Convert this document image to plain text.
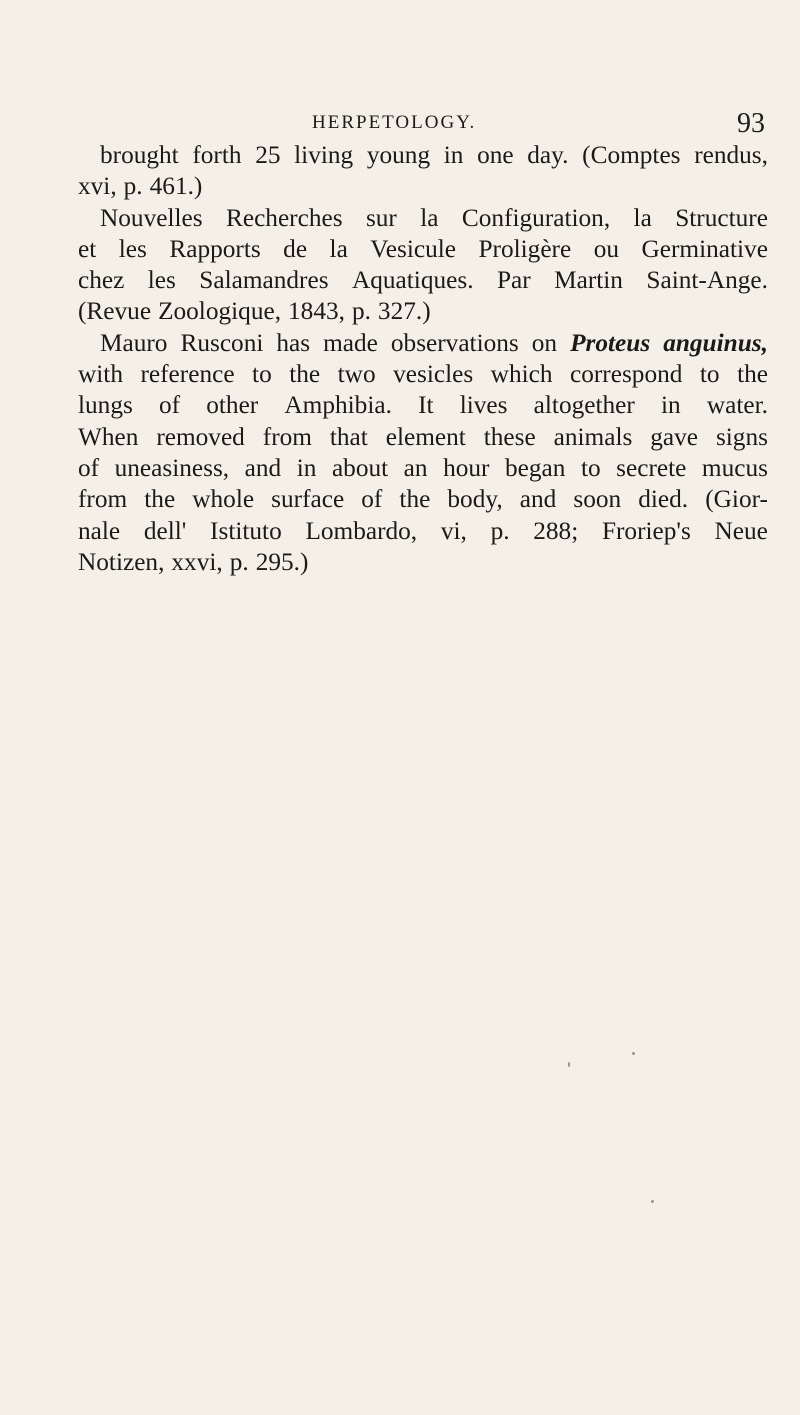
HERPETOLOGY.	93
brought forth 25 living young in one day. (Comptes rendus,
xvi, p. 461.)
Nouvelles Recherches sur la Configuration, la Structure
et les Rapports de la Vesicule Proligère ou Germinative
chez les Salamandres Aquatiques. Par Martin Saint-Ange.
(Revue Zoologique, 1843, p. 327.)
Mauro Rusconi has made observations on Proteus anguinus,
with reference to the two vesicles which correspond to the
lungs of other Amphibia. It lives altogether in water.
When removed from that element these animals gave signs
of uneasiness, and in about an hour began to secrete mucus
from the whole surface of the body, and soon died. (Gior-
nale dell' Istituto Lombardo, vi, p. 288; Froriep's Neue
Notizen, xxvi, p. 295.)
